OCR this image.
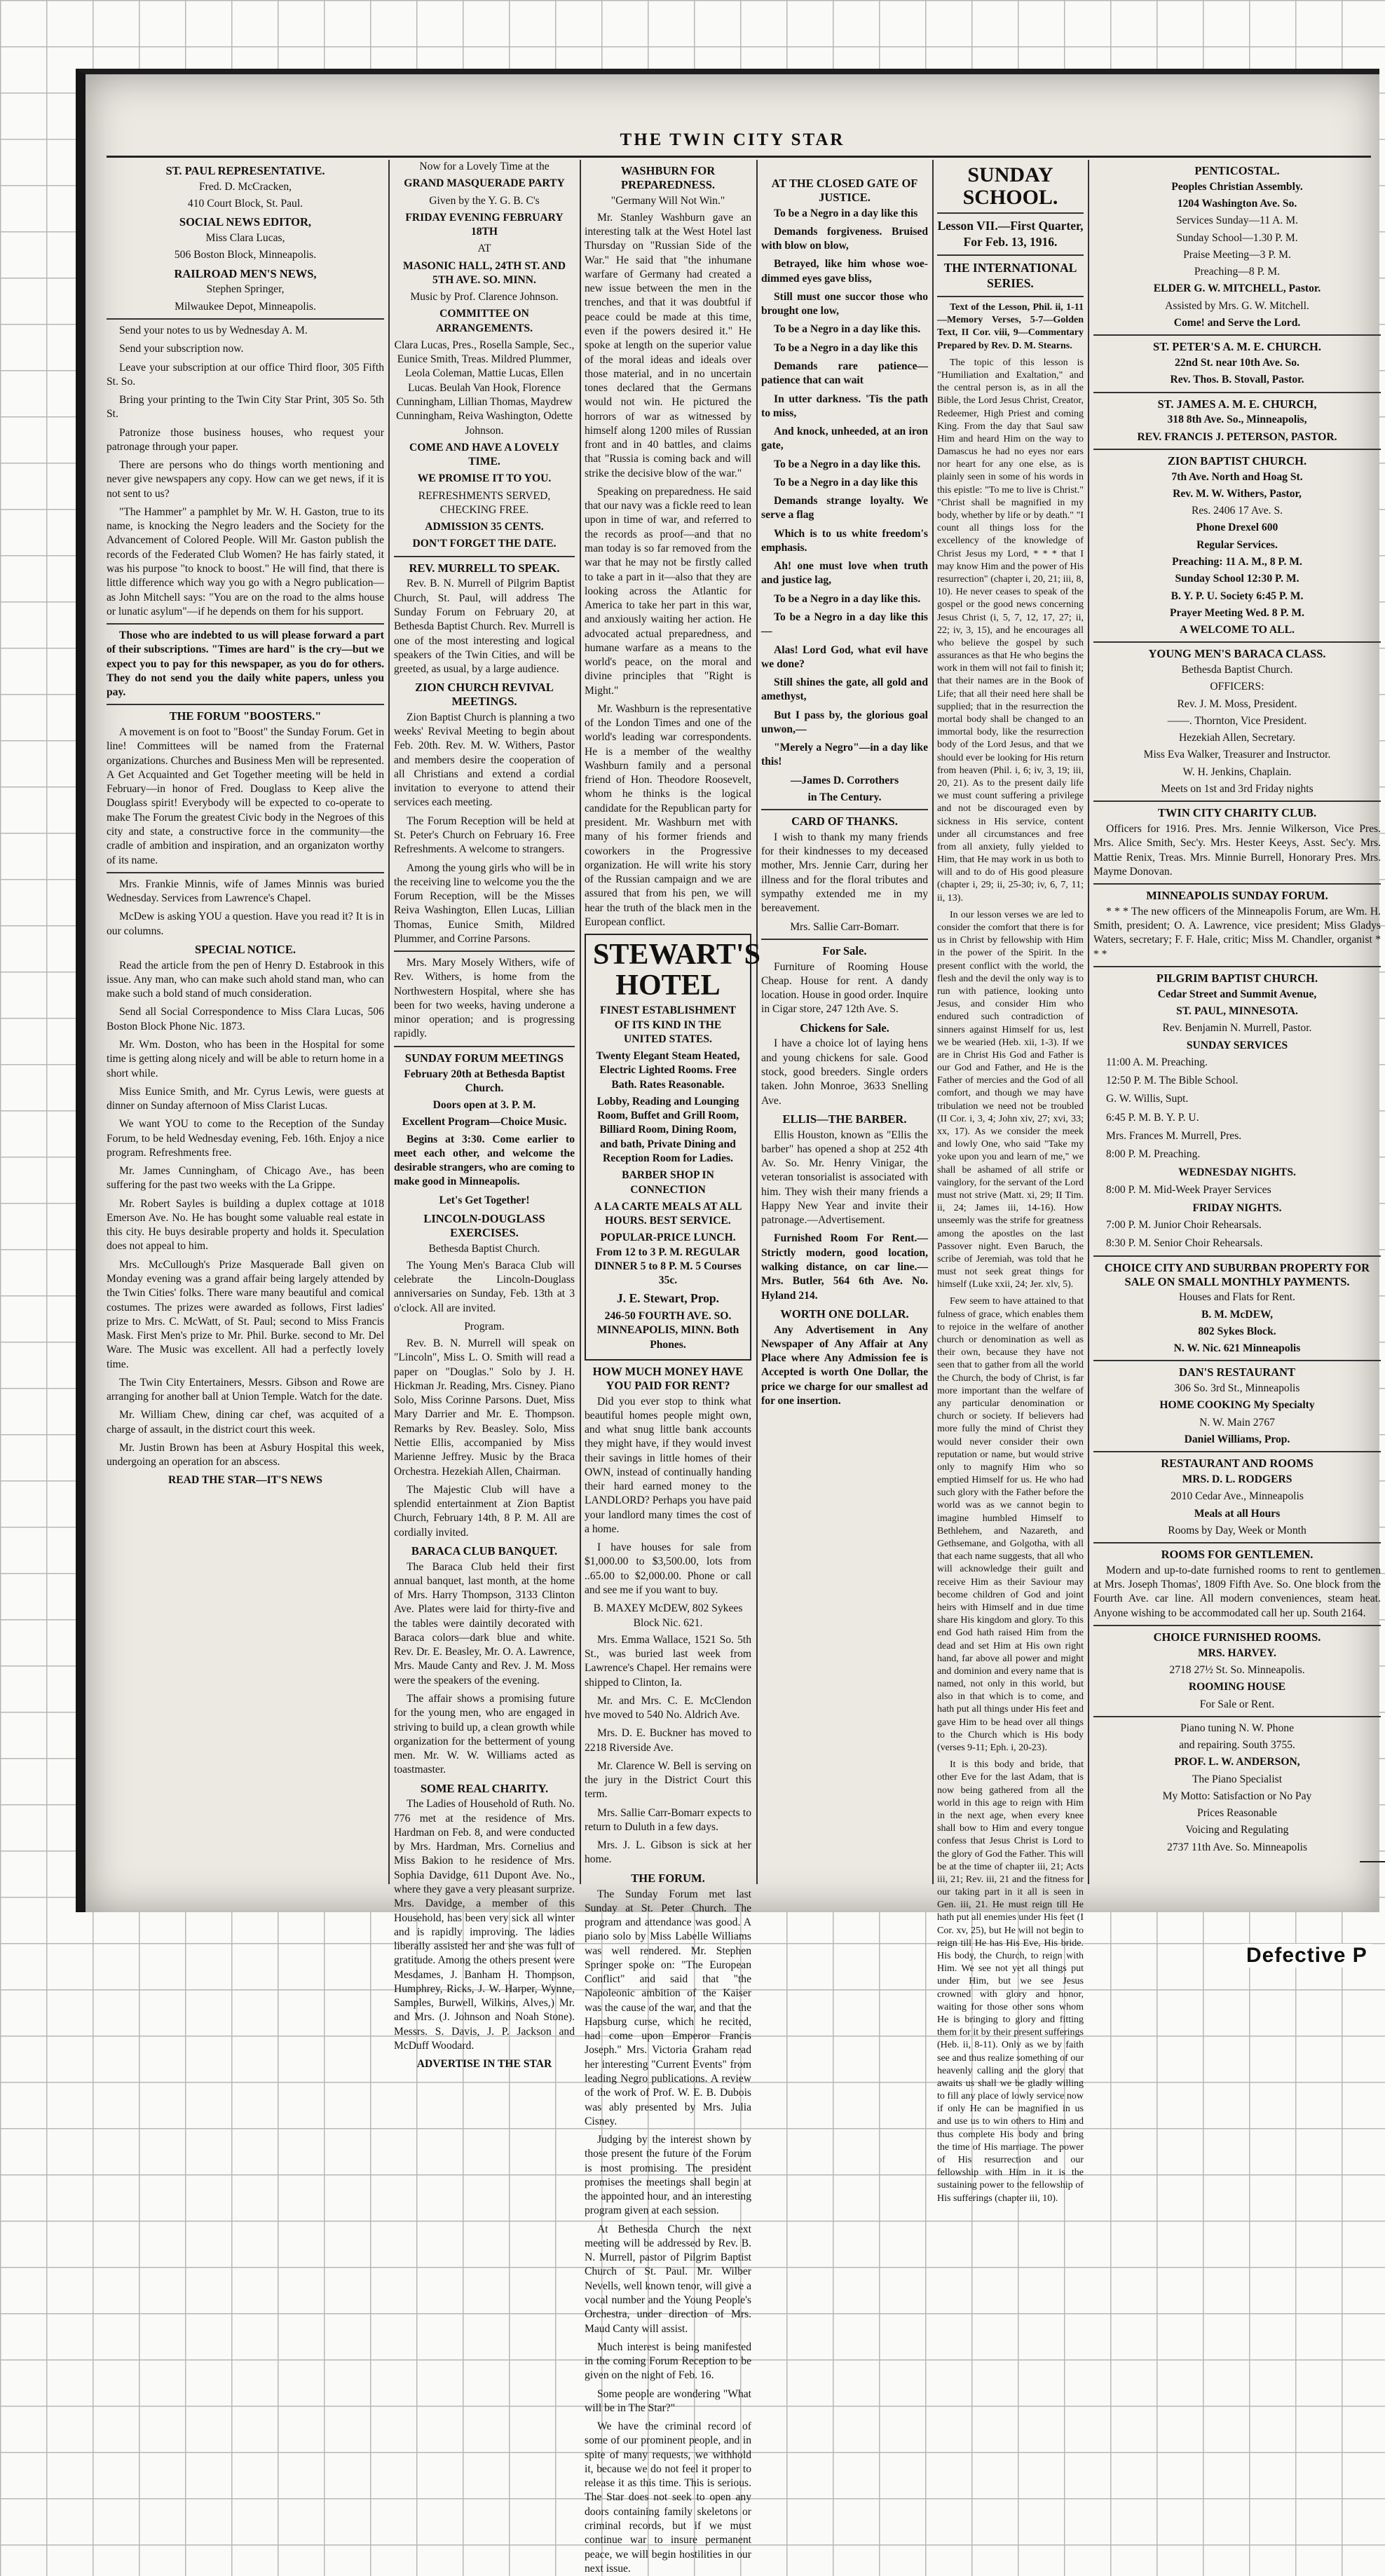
THE TWIN CITY STAR
ST. PAUL REPRESENTATIVE.

Fred. D. McCracken,

410 Court Block, St. Paul.

SOCIAL NEWS EDITOR,

Miss Clara Lucas,

506 Boston Block, Minneapolis.

RAILROAD MEN'S NEWS,

Stephen Springer,

Milwaukee Depot, Minneapolis.

Send your notes to us by Wednesday A. M.

Send your subscription now.

Leave your subscription at our office Third floor, 305 Fifth St. So.

Bring your printing to the Twin City Star Print, 305 So. 5th St.

Patronize those business houses, who request your patronage through your paper.

There are persons who do things worth mentioning and never give newspapers any copy. How can we get news, if it is not sent to us?

"The Hammer" a pamphlet by Mr. W. H. Gaston, true to its name, is knocking the Negro leaders and the Society for the Advancement of Colored People. Will Mr. Gaston publish the records of the Federated Club Women? He has fairly stated, it was his purpose "to knock to boost." He will find, that there is little difference which way you go with a Negro publication—as John Mitchell says: "You are on the road to the alms house or lunatic asylum"—if he depends on them for his support.

Those who are indebted to us will please forward a part of their subscriptions. "Times are hard" is the cry—but we expect you to pay for this newspaper, as you do for others. They do not send you the daily white papers, unless you pay.

THE FORUM "BOOSTERS."

A movement is on foot to "Boost" the Sunday Forum. Get in line! Committees will be named from the Fraternal organizations. Churches and Business Men will be represented. A Get Acquainted and Get Together meeting will be held in February—in honor of Fred. Douglass to Keep alive the Douglass spirit! Everybody will be expected to co-operate to make The Forum the greatest Civic body in the Negroes of this city and state, a constructive force in the community—the cradle of ambition and inspiration, and an organizaton worthy of its name.

Mrs. Frankie Minnis, wife of James Minnis was buried Wednesday. Services from Lawrence's Chapel.

McDew is asking YOU a question. Have you read it? It is in our columns.

SPECIAL NOTICE.

Read the article from the pen of Henry D. Estabrook in this issue. Any man, who can make such ahold stand man, who can make such a bold stand of much consideration.

Send all Social Correspondence to Miss Clara Lucas, 506 Boston Block Phone Nic. 1873.

Mr. Wm. Doston, who has been in the Hospital for some time is getting along nicely and will be able to return home in a short while.

Miss Eunice Smith, and Mr. Cyrus Lewis, were guests at dinner on Sunday afternoon of Miss Clarist Lucas.

We want YOU to come to the Reception of the Sunday Forum, to be held Wednesday evening, Feb. 16th. Enjoy a nice program. Refreshments free.

Mr. James Cunningham, of Chicago Ave., has been suffering for the past two weeks with the La Grippe.

Mr. Robert Sayles is building a duplex cottage at 1018 Emerson Ave. No. He has bought some valuable real estate in this city. He buys desirable property and holds it. Speculation does not appeal to him.

Mrs. McCullough's Prize Masquerade Ball given on Monday evening was a grand affair being largely attended by the Twin Cities' folks. There ware many beautiful and comical costumes. The prizes were awarded as follows, First ladies' prize to Mrs. C. McWatt, of St. Paul; second to Miss Francis Mask. First Men's prize to Mr. Phil. Burke. second to Mr. Del Ware. The Music was excellent. All had a perfectly lovely time.

The Twin City Entertainers, Messrs. Gibson and Rowe are arranging for another ball at Union Temple. Watch for the date.

Mr. William Chew, dining car chef, was acquited of a charge of assault, in the district court this week.

Mr. Justin Brown has been at Asbury Hospital this week, undergoing an operation for an abscess.

READ THE STAR—IT'S NEWS

Now for a Lovely Time at the

GRAND MASQUERADE PARTY

Given by the Y. G. B. C's

FRIDAY EVENING FEBRUARY 18TH

AT

MASONIC HALL, 24TH ST. AND 5TH AVE. SO. MINN.

Music by Prof. Clarence Johnson.

COMMITTEE ON ARRANGEMENTS.

Clara Lucas, Pres., Rosella Sample, Sec., Eunice Smith, Treas. Mildred Plummer, Leola Coleman, Mattie Lucas, Ellen Lucas. Beulah Van Hook, Florence Cunningham, Lillian Thomas, Maydrew Cunningham, Reiva Washington, Odette Johnson.

COME AND HAVE A LOVELY TIME.

WE PROMISE IT TO YOU.

REFRESHMENTS SERVED, CHECKING FREE.

ADMISSION 35 CENTS.

DON'T FORGET THE DATE.

REV. MURRELL TO SPEAK.

Rev. B. N. Murrell of Pilgrim Baptist Church, St. Paul, will address The Sunday Forum on February 20, at Bethesda Baptist Church. Rev. Murrell is one of the most interesting and logical speakers of the Twin Cities, and will be greeted, as usual, by a large audience.

ZION CHURCH REVIVAL MEETINGS.

Zion Baptist Church is planning a two weeks' Revival Meeting to begin about Feb. 20th. Rev. M. W. Withers, Pastor and members desire the cooperation of all Christians and extend a cordial invitation to everyone to attend their services each meeting.

The Forum Reception will be held at St. Peter's Church on February 16. Free Refreshments. A welcome to strangers.

Among the young girls who will be in the receiving line to welcome you the the Forum Reception, will be the Misses Reiva Washington, Ellen Lucas, Lillian Thomas, Eunice Smith, Mildred Plummer, and Corrine Parsons.

Mrs. Mary Mosely Withers, wife of Rev. Withers, is home from the Northwestern Hospital, where she has been for two weeks, having underone a minor operation; and is progressing rapidly.

SUNDAY FORUM MEETINGS

February 20th at Bethesda Baptist Church.

Doors open at 3. P. M.

Excellent Program—Choice Music.

Begins at 3:30. Come earlier to meet each other, and welcome the desirable strangers, who are coming to make good in Minneapolis.

Let's Get Together!

LINCOLN-DOUGLASS EXERCISES.

Bethesda Baptist Church.

The Young Men's Baraca Club will celebrate the Lincoln-Douglass anniversaries on Sunday, Feb. 13th at 3 o'clock. All are invited.

Program.

Rev. B. N. Murrell will speak on "Lincoln", Miss L. O. Smith will read a paper on "Douglas." Solo by J. H. Hickman Jr. Reading, Mrs. Cisney. Piano Solo, Miss Corinne Parsons. Duet, Miss Mary Darrier and Mr. E. Thompson. Remarks by Rev. Beasley. Solo, Miss Nettie Ellis, accompanied by Miss Marienne Jeffrey. Music by the Braca Orchestra. Hezekiah Allen, Chairman.

The Majestic Club will have a splendid entertainment at Zion Baptist Church, February 14th, 8 P. M. All are cordially invited.

BARACA CLUB BANQUET.

The Baraca Club held their first annual banquet, last month, at the home of Mrs. Harry Thompson, 3133 Clinton Ave. Plates were laid for thirty-five and the tables were daintily decorated with Baraca colors—dark blue and white. Rev. Dr. E. Beasley, Mr. O. A. Lawrence, Mrs. Maude Canty and Rev. J. M. Moss were the speakers of the evening.

The affair shows a promising future for the young men, who are engaged in striving to build up, a clean growth while organization for the betterment of young men. Mr. W. W. Williams acted as toastmaster.

SOME REAL CHARITY.

The Ladies of Household of Ruth. No. 776 met at the residence of Mrs. Hardman on Feb. 8, and were conducted by Mrs. Hardman, Mrs. Cornelius and Miss Bakion to he residence of Mrs. Sophia Davidge, 611 Dupont Ave. No., where they gave a very pleasant surprize. Mrs. Davidge, a member of this Household, has been very sick all winter and is rapidly improving. The ladies liberally assisted her and she was full of gratitude. Among the others present were Mesdames, J. Banham H. Thompson, Humphrey, Ricks, J. W. Harper, Wynne, Samples, Burwell, Wilkins, Alves,) Mr. and Mrs. (J. Johnson and Noah Stone). Messrs. S. Davis, J. P. Jackson and McDuff Woodard.

ADVERTISE IN THE STAR

WASHBURN FOR PREPAREDNESS.

"Germany Will Not Win."

Mr. Stanley Washburn gave an interesting talk at the West Hotel last Thursday on "Russian Side of the War." He said that "the inhumane warfare of Germany had created a new issue between the men in the trenches, and that it was doubtful if peace could be made at this time, even if the powers desired it." He spoke at length on the superior value of the moral ideas and ideals over those material, and in no uncertain tones declared that the Germans would not win. He pictured the horrors of war as witnessed by himself along 1200 miles of Russian front and in 40 battles, and claims that "Russia is coming back and will strike the decisive blow of the war."

Speaking on preparedness. He said that our navy was a fickle reed to lean upon in time of war, and referred to the records as proof—and that no man today is so far removed from the war that he may not be firstly called to take a part in it—also that they are looking across the Atlantic for America to take her part in this war, and anxiously waiting her action. He advocated actual preparedness, and humane warfare as a means to the world's peace, on the moral and divine principles that "Right is Might."

Mr. Washburn is the representative of the London Times and one of the world's leading war correspondents. He is a member of the wealthy Washburn family and a personal friend of Hon. Theodore Roosevelt, whom he thinks is the logical candidate for the Republican party for president. Mr. Washburn met with many of his former friends and coworkers in the Progressive organization. He will write his story of the Russian campaign and we are assured that from his pen, we will hear the truth of the black men in the European conflict.

STEWART'S HOTEL

FINEST ESTABLISHMENT OF ITS KIND IN THE UNITED STATES.

Twenty Elegant Steam Heated, Electric Lighted Rooms. Free Bath. Rates Reasonable.

Lobby, Reading and Lounging Room, Buffet and Grill Room, Billiard Room, Dining Room, and bath, Private Dining and Reception Room for Ladies.

BARBER SHOP IN CONNECTION

A LA CARTE MEALS AT ALL HOURS. BEST SERVICE.

POPULAR-PRICE LUNCH. From 12 to 3 P. M. REGULAR DINNER 5 to 8 P. M. 5 Courses 35c.

J. E. Stewart, Prop.

246-50 FOURTH AVE. SO. MINNEAPOLIS, MINN. Both Phones.

HOW MUCH MONEY HAVE YOU PAID FOR RENT?

Did you ever stop to think what beautiful homes people might own, and what snug little bank accounts they might have, if they would invest their savings in little homes of their OWN, instead of continually handing their hard earned money to the LANDLORD? Perhaps you have paid your landlord many times the cost of a home.

I have houses for sale from $1,000.00 to $3,500.00, lots from ..65.00 to $2,000.00. Phone or call and see me if you want to buy.

B. MAXEY McDEW, 802 Sykees Block Nic. 621.

Mrs. Emma Wallace, 1521 So. 5th St., was buried last week from Lawrence's Chapel. Her remains were shipped to Clinton, Ia.

Mr. and Mrs. C. E. McClendon hve moved to 540 No. Aldrich Ave.

Mrs. D. E. Buckner has moved to 2218 Riverside Ave.

Mr. Clarence W. Bell is serving on the jury in the District Court this term.

Mrs. Sallie Carr-Bomarr expects to return to Duluth in a few days.

Mrs. J. L. Gibson is sick at her home.

THE FORUM.

The Sunday Forum met last Sunday at St. Peter Church. The program and attendance was good. A piano solo by Miss Labelle Williams was well rendered. Mr. Stephen Springer spoke on: "The European Conflict" and said that "the Napoleonic ambition of the Kaiser was the cause of the war, and that the Hapsburg curse, which he recited, had come upon Emperor Francis Joseph." Mrs. Victoria Graham read her interesting "Current Events" from leading Negro publications. A review of the work of Prof. W. E. B. Dubois was ably presented by Mrs. Julia Cisney.

Judging by the interest shown by those present the future of the Forum is most promising. The president promises the meetings shall begin at the appointed hour, and an interesting program given at each session.

At Bethesda Church the next meeting will be addressed by Rev. B. N. Murrell, pastor of Pilgrim Baptist Church of St. Paul. Mr. Wilber Nevells, well known tenor, will give a vocal number and the Young People's Orchestra, under direction of Mrs. Maud Canty will assist.

Much interest is being manifested in the coming Forum Reception to be given on the night of Feb. 16.

Some people are wondering "What will be in The Star?"

We have the criminal record of some of our prominent people, and in spite of many requests, we withhold it, because we do not feel it proper to release it as this time. This is serious. The Star does not seek to open any doors containing family skeletons or criminal records, but if we must continue war to insure permanent peace, we will begin hostilities in our next issue.

AT THE CLOSED GATE OF JUSTICE.

To be a Negro in a day like this

Demands forgiveness. Bruised with blow on blow,

Betrayed, like him whose woe-dimmed eyes gave bliss,

Still must one succor those who brought one low,

To be a Negro in a day like this.

To be a Negro in a day like this

Demands rare patience—patience that can wait

In utter darkness. 'Tis the path to miss,

And knock, unheeded, at an iron gate,

To be a Negro in a day like this.

To be a Negro in a day like this

Demands strange loyalty. We serve a flag

Which is to us white freedom's emphasis.

Ah! one must love when truth and justice lag,

To be a Negro in a day like this.

To be a Negro in a day like this—

Alas! Lord God, what evil have we done?

Still shines the gate, all gold and amethyst,

But I pass by, the glorious goal unwon,—

"Merely a Negro"—in a day like this!

—James D. Corrothers

in The Century.

CARD OF THANKS.

I wish to thank my many friends for their kindnesses to my deceased mother, Mrs. Jennie Carr, during her illness and for the floral tributes and sympathy extended me in my bereavement.

Mrs. Sallie Carr-Bomarr.

For Sale.

Furniture of Rooming House Cheap. House for rent. A dandy location. House in good order. Inquire in Cigar store, 247 12th Ave. S.

Chickens for Sale.

I have a choice lot of laying hens and young chickens for sale. Good stock, good breeders. Single orders taken. John Monroe, 3633 Snelling Ave.

ELLIS—THE BARBER.

Ellis Houston, known as "Ellis the barber" has opened a shop at 252 4th Av. So. Mr. Henry Vinigar, the veteran tonsorialist is associated with him. They wish their many friends a Happy New Year and invite their patronage.—Advertisement.

Furnished Room For Rent.—Strictly modern, good location, walking distance, on car line.—Mrs. Butler, 564 6th Ave. No. Hyland 214.

WORTH ONE DOLLAR.

Any Advertisement in Any Newspaper of Any Affair at Any Place where Any Admission fee is Accepted is worth One Dollar, the price we charge for our smallest ad for one insertion.

SUNDAY SCHOOL.

Lesson VII.—First Quarter, For Feb. 13, 1916.

THE INTERNATIONAL SERIES.

Text of the Lesson, Phil. ii, 1-11—Memory Verses, 5-7—Golden Text, II Cor. viii, 9—Commentary Prepared by Rev. D. M. Stearns.

The topic of this lesson is "Humiliation and Exaltation," and the central person is, as in all the Bible, the Lord Jesus Christ, Creator, Redeemer, High Priest and coming King. From the day that Saul saw Him and heard Him on the way to Damascus he had no eyes nor ears nor heart for any one else, as is plainly seen in some of his words in this epistle: "To me to live is Christ." "Christ shall be magnified in my body, whether by life or by death." "I count all things loss for the excellency of the knowledge of Christ Jesus my Lord, * * * that I may know Him and the power of His resurrection" (chapter i, 20, 21; iii, 8, 10). He never ceases to speak of the gospel or the good news concerning Jesus Christ (i, 5, 7, 12, 17, 27; ii, 22; iv, 3, 15), and he encourages all who believe the gospel by such assurances as that He who begins the work in them will not fail to finish it; that their names are in the Book of Life; that all their need here shall be supplied; that in the resurrection the mortal body shall be changed to an immortal body, like the resurrection body of the Lord Jesus, and that we should ever be looking for His return from heaven (Phil. i, 6; iv, 3, 19; iii, 20, 21). As to the present daily life we must count suffering a privilege and not be discouraged even by sickness in His service, content under all circumstances and free from all anxiety, fully yielded to Him, that He may work in us both to will and to do of His good pleasure (chapter i, 29; ii, 25-30; iv, 6, 7, 11; ii, 13).

In our lesson verses we are led to consider the comfort that there is for us in Christ by fellowship with Him in the power of the Spirit. In the present conflict with the world, the flesh and the devil the only way is to run with patience, looking unto Jesus, and consider Him who endured such contradiction of sinners against Himself for us, lest we be wearied (Heb. xii, 1-3). If we are in Christ His God and Father is our God and Father, and He is the Father of mercies and the God of all comfort, and though we may have tribulation we need not be troubled (II Cor. i, 3, 4; John xiv, 27; xvi, 33; xx, 17). As we consider the meek and lowly One, who said "Take my yoke upon you and learn of me," we shall be ashamed of all strife or vainglory, for the servant of the Lord must not strive (Matt. xi, 29; II Tim. ii, 24; James iii, 14-16). How unseemly was the strife for greatness among the apostles on the last Passover night. Even Baruch, the scribe of Jeremiah, was told that he must not seek great things for himself (Luke xxii, 24; Jer. xlv, 5).

Few seem to have attained to that fulness of grace, which enables them to rejoice in the welfare of another church or denomination as well as their own, because they have not seen that to gather from all the world the Church, the body of Christ, is far more important than the welfare of any particular denomination or church or society. If believers had more fully the mind of Christ they would never consider their own reputation or name, but would strive only to magnify Him who so emptied Himself for us. He who had such glory with the Father before the world was as we cannot begin to imagine humbled Himself to Bethlehem, and Nazareth, and Gethsemane, and Golgotha, with all that each name suggests, that all who will acknowledge their guilt and receive Him as their Saviour may become children of God and joint heirs with Himself and in due time share His kingdom and glory. To this end God hath raised Him from the dead and set Him at His own right hand, far above all power and might and dominion and every name that is named, not only in this world, but also in that which is to come, and hath put all things under His feet and gave Him to be head over all things to the Church which is His body (verses 9-11; Eph. i, 20-23).

It is this body and bride, that other Eve for the last Adam, that is now being gathered from all the world in this age to reign with Him in the next age, when every knee shall bow to Him and every tongue confess that Jesus Christ is Lord to the glory of God the Father. This will be at the time of chapter iii, 21; Acts iii, 21; Rev. iii, 21 and the fitness for our taking part in it all is seen in Gen. iii, 21. He must reign till He hath put all enemies under His feet (I Cor. xv, 25), but He will not begin to reign till He has His Eve, His bride. His body, the Church, to reign with Him. We see not yet all things put under Him, but we see Jesus crowned with glory and honor, waiting for those other sons whom He is bringing to glory and fitting them for it by their present sufferings (Heb. ii, 8-11). Only as we by faith see and thus realize something of our heavenly calling and the glory that awaits us shall we be gladly willing to fill any place of lowly service now if only He can be magnified in us and use us to win others to Him and thus complete His body and bring the time of His marriage. The power of His resurrection and our fellowship with Him in it is the sustaining power to the fellowship of His sufferings (chapter iii, 10).

PENTICOSTAL.

Peoples Christian Assembly.

1204 Washington Ave. So.

Services Sunday—11 A. M.

Sunday School—1.30 P. M.

Praise Meeting—3 P. M.

Preaching—8 P. M.

ELDER G. W. MITCHELL, Pastor.

Assisted by Mrs. G. W. Mitchell.

Come! and Serve the Lord.

ST. PETER'S A. M. E. CHURCH.

22nd St. near 10th Ave. So.

Rev. Thos. B. Stovall, Pastor.

ST. JAMES A. M. E. CHURCH,

318 8th Ave. So., Minneapolis,

REV. FRANCIS J. PETERSON, PASTOR.

ZION BAPTIST CHURCH.

7th Ave. North and Hoag St.

Rev. M. W. Withers, Pastor,

Res. 2406 17 Ave. S.

Phone Drexel 600

Regular Services.

Preaching: 11 A. M., 8 P. M.

Sunday School 12:30 P. M.

B. Y. P. U. Society 6:45 P. M.

Prayer Meeting Wed. 8 P. M.

A WELCOME TO ALL.

YOUNG MEN'S BARACA CLASS.

Bethesda Baptist Church.

OFFICERS:

Rev. J. M. Moss, President.

——. Thornton, Vice President.

Hezekiah Allen, Secretary.

Miss Eva Walker, Treasurer and Instructor.

W. H. Jenkins, Chaplain.

Meets on 1st and 3rd Friday nights

TWIN CITY CHARITY CLUB.

Officers for 1916. Pres. Mrs. Jennie Wilkerson, Vice Pres. Mrs. Alice Smith, Sec'y. Mrs. Hester Keeys, Asst. Sec'y. Mrs. Mattie Renix, Treas. Mrs. Minnie Burrell, Honorary Pres. Mrs. Mayme Donovan.

MINNEAPOLIS SUNDAY FORUM.

* * * The new officers of the Minneapolis Forum, are Wm. H. Smith, president; O. A. Lawrence, vice president; Miss Gladys Waters, secretary; F. F. Hale, critic; Miss M. Chandler, organist * * *

PILGRIM BAPTIST CHURCH.

Cedar Street and Summit Avenue,

ST. PAUL, MINNESOTA.

Rev. Benjamin N. Murrell, Pastor.

SUNDAY SERVICES

11:00 A. M. Preaching.

12:50 P. M. The Bible School.

G. W. Willis, Supt.

6:45 P. M. B. Y. P. U.

Mrs. Frances M. Murrell, Pres.

8:00 P. M. Preaching.

WEDNESDAY NIGHTS.

8:00 P. M. Mid-Week Prayer Services

FRIDAY NIGHTS.

7:00 P. M. Junior Choir Rehearsals.

8:30 P. M. Senior Choir Rehearsals.

CHOICE CITY AND SUBURBAN PROPERTY FOR SALE ON SMALL MONTHLY PAYMENTS.

Houses and Flats for Rent.

B. M. McDEW,

802 Sykes Block.

N. W. Nic. 621 Minneapolis

DAN'S RESTAURANT

306 So. 3rd St., Minneapolis

HOME COOKING My Specialty

N. W. Main 2767

Daniel Williams, Prop.

RESTAURANT AND ROOMS

MRS. D. L. RODGERS

2010 Cedar Ave., Minneapolis

Meals at all Hours

Rooms by Day, Week or Month

ROOMS FOR GENTLEMEN.

Modern and up-to-date furnished rooms to rent to gentlemen at Mrs. Joseph Thomas', 1809 Fifth Ave. So. One block from the Fourth Ave. car line. All modern conveniences, steam heat. Anyone wishing to be accommodated call her up. South 2164.

CHOICE FURNISHED ROOMS.

MRS. HARVEY.

2718 27½ St. So. Minneapolis.

ROOMING HOUSE

For Sale or Rent.

Piano tuning N. W. Phone

and repairing. South 3755.

PROF. L. W. ANDERSON,

The Piano Specialist

My Motto: Satisfaction or No Pay

Prices Reasonable

Voicing and Regulating

2737 11th Ave. So. Minneapolis

Defective P
